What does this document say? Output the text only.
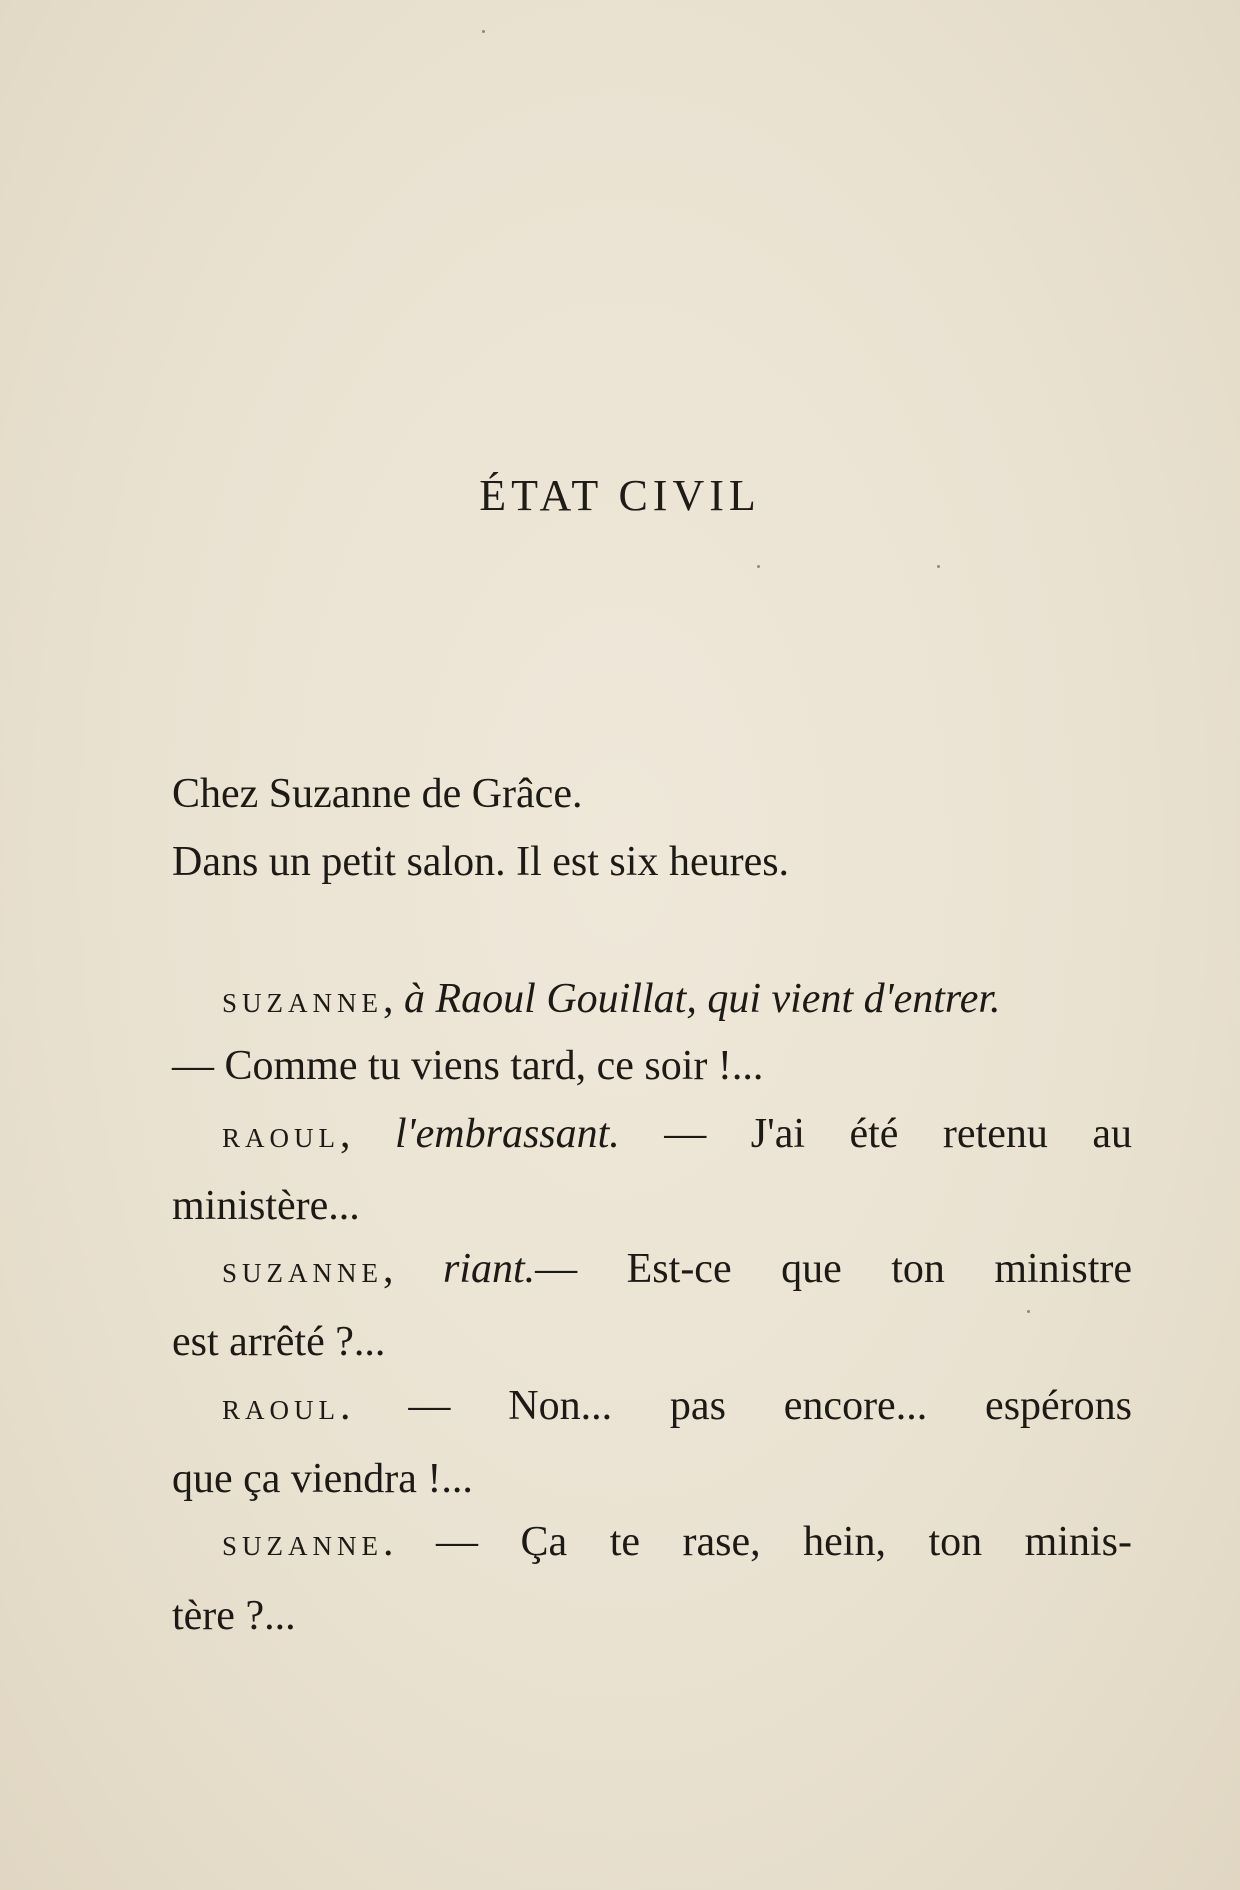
ÉTAT CIVIL
Chez Suzanne de Grâce.
Dans un petit salon. Il est six heures.
SUZANNE, à Raoul Gouillat, qui vient d'entrer.
— Comme tu viens tard, ce soir !...
RAOUL, l'embrassant. — J'ai été retenu au
ministère...
SUZANNE, riant.— Est-ce que ton ministre
est arrêté ?...
RAOUL. — Non... pas encore... espérons
que ça viendra !...
SUZANNE. — Ça te rase, hein, ton minis-
tère ?...
